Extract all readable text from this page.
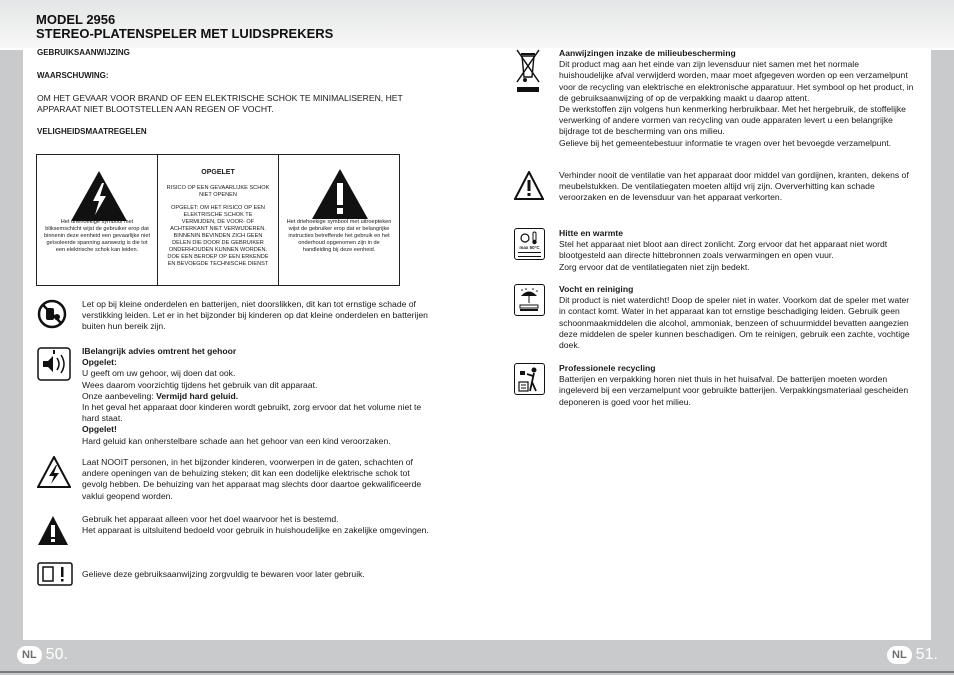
MODEL 2956
STEREO-PLATENSPELER MET LUIDSPREKERS
GEBRUIKSAANWIJZING
WAARSCHUWING:
OM HET GEVAAR VOOR BRAND OF EEN ELEKTRISCHE SCHOK TE MINIMALISEREN, HET APPARAAT NIET BLOOTSTELLEN AAN REGEN OF VOCHT.
VELIGHEIDSMAATREGELEN
Het driehoekige symbool met bliksemschicht wijst de gebruiker erop dat binnenin deze eenheid een gevaarlijke niet geïsoleerde spanning aanwezig is die tot een elektrische schok kan leiden.
OPGELET
RISICO OP EEN GEVAARLIJKE SCHOK NIET OPENEN
OPGELET: OM HET RISICO OP EEN ELEKTRISCHE SCHOK TE VERMIJDEN, DE VOOR- OF ACHTERKANT NIET VERWIJDEREN. BINNENIN BEVINDEN ZICH GEEN DELEN DIE DOOR DE GEBRUIKER ONDERHOUDEN KUNNEN WORDEN. DOE EEN BEROEP OP EEN ERKENDE EN BEVOEGDE TECHNISCHE DIENST
Het driehoekige symbool met uitroepteken wijst de gebruiker erop dat er belangrijke instructies betreffende het gebruik en het onderhoud opgenomen zijn in de handleiding bij deze eenheid.
Let op bij kleine onderdelen en batterijen, niet doorslikken, dit kan tot ernstige schade of verstikking leiden. Let er in het bijzonder bij kinderen op dat kleine onderdelen en batterijen buiten hun bereik zijn.
IBelangrijk advies omtrent het gehoor
Opgelet:
U geeft om uw gehoor, wij doen dat ook.
Wees daarom voorzichtig tijdens het gebruik van dit apparaat.
Onze aanbeveling: Vermijd hard geluid.
In het geval het apparaat door kinderen wordt gebruikt, zorg ervoor dat het volume niet te hard staat.
Opgelet!
Hard geluid kan onherstelbare schade aan het gehoor van een kind veroorzaken.
Laat NOOIT personen, in het bijzonder kinderen, voorwerpen in de gaten, schachten of andere openingen van de behuizing steken; dit kan een dodelijke elektrische schok tot gevolg hebben. De behuizing van het apparaat mag slechts door daartoe gekwalificeerde vaklui geopend worden.
Gebruik het apparaat alleen voor het doel waarvoor het is bestemd.
Het apparaat is uitsluitend bedoeld voor gebruik in huishoudelijke en zakelijke omgevingen.
Gelieve deze gebruiksaanwijzing zorgvuldig te bewaren voor later gebruik.
Aanwijzingen inzake de milieubescherming
Dit product mag aan het einde van zijn levensduur niet samen met het normale huishoudelijke afval verwijderd worden, maar moet afgegeven worden op een verzamelpunt voor de recycling van elektrische en elektronische apparatuur. Het symbool op het product, in de gebruiksaanwijzing of op de verpakking maakt u daarop attent.
De werkstoffen zijn volgens hun kenmerking herbruikbaar. Met het hergebruik, de stoffelijke verwerking of andere vormen van recycling van oude apparaten levert u een belangrijke bijdrage tot de bescherming van ons milieu.
Gelieve bij het gemeentebestuur informatie te vragen over het bevoegde verzamelpunt.
Verhinder nooit de ventilatie van het apparaat door middel van gordijnen, kranten, dekens of meubelstukken. De ventilatiegaten moeten altijd vrij zijn. Oververhitting kan schade veroorzaken en de levensduur van het apparaat verkorten.
max 50°C
Hitte en warmte
Stel het apparaat niet bloot aan direct zonlicht. Zorg ervoor dat het apparaat niet wordt blootgesteld aan directe hittebronnen zoals verwarmingen en open vuur.
Zorg ervoor dat de ventilatiegaten niet zijn bedekt.
Vocht en reiniging
Dit product is niet waterdicht! Doop de speler niet in water. Voorkom dat de speler met water in contact komt. Water in het apparaat kan tot ernstige beschadiging leiden. Gebruik geen schoonmaakmiddelen die alcohol, ammoniak, benzeen of schuurmiddel bevatten aangezien deze middelen de speler kunnen beschadigen. Om te reinigen, gebruik een zachte, vochtige doek.
Professionele recycling
Batterijen en verpakking horen niet thuis in het huisafval. De batterijen moeten worden ingeleverd bij een verzamelpunt voor gebruikte batterijen. Verpakkingsmateriaal gescheiden deponeren is goed voor het milieu.
NL 50.	NL 51.
